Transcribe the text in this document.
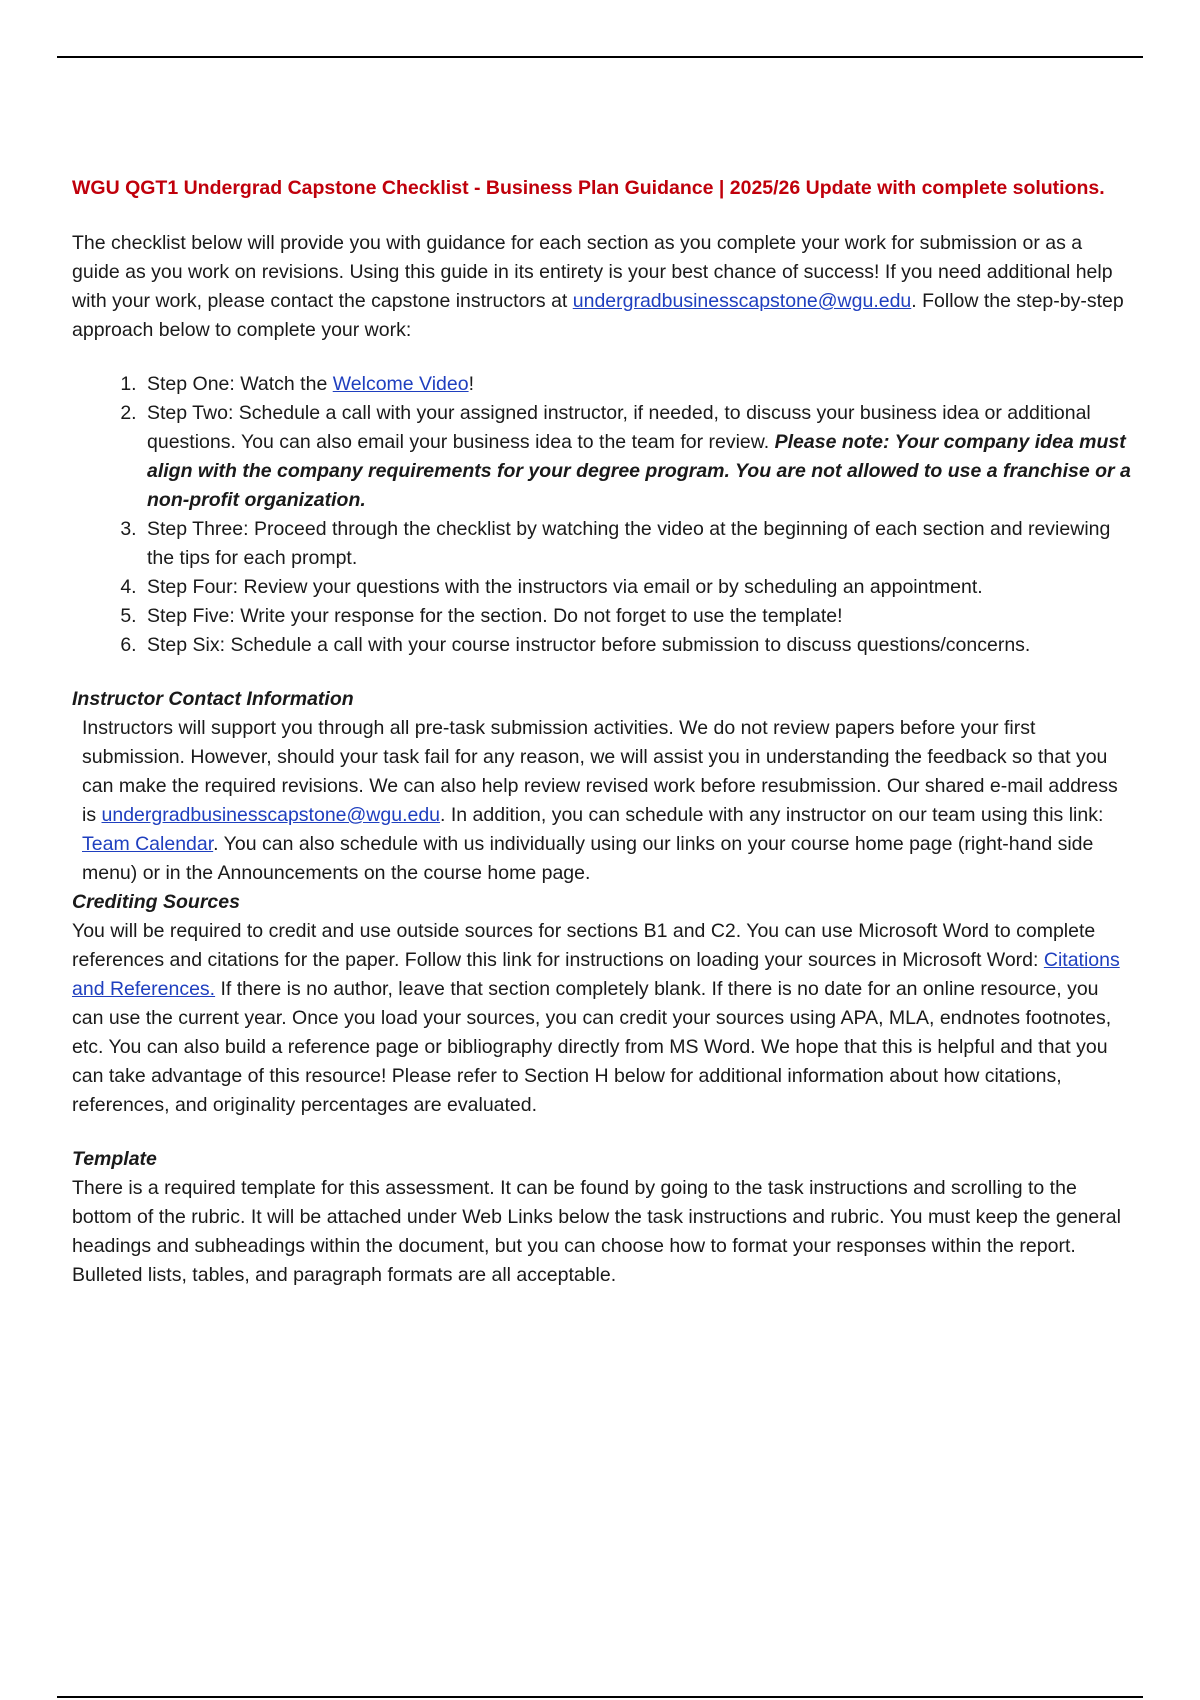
WGU QGT1 Undergrad Capstone Checklist - Business Plan Guidance | 2025/26 Update with complete solutions.

The checklist below will provide you with guidance for each section as you complete your work for submission or as a guide as you work on revisions. Using this guide in its entirety is your best chance of success! If you need additional help with your work, please contact the capstone instructors at undergradbusinesscapstone@wgu.edu. Follow the step-by-step approach below to complete your work:

1. Step One: Watch the Welcome Video!
2. Step Two: Schedule a call with your assigned instructor, if needed, to discuss your business idea or additional questions. You can also email your business idea to the team for review. Please note: Your company idea must align with the company requirements for your degree program. You are not allowed to use a franchise or a non-profit organization.
3. Step Three: Proceed through the checklist by watching the video at the beginning of each section and reviewing the tips for each prompt.
4. Step Four: Review your questions with the instructors via email or by scheduling an appointment.
5. Step Five: Write your response for the section. Do not forget to use the template!
6. Step Six: Schedule a call with your course instructor before submission to discuss questions/concerns.
Instructor Contact Information

Instructors will support you through all pre-task submission activities. We do not review papers before your first submission. However, should your task fail for any reason, we will assist you in understanding the feedback so that you can make the required revisions. We can also help review revised work before resubmission. Our shared e-mail address is undergradbusinesscapstone@wgu.edu. In addition, you can schedule with any instructor on our team using this link: Team Calendar. You can also schedule with us individually using our links on your course home page (right-hand side menu) or in the Announcements on the course home page.

Crediting Sources

You will be required to credit and use outside sources for sections B1 and C2. You can use Microsoft Word to complete references and citations for the paper. Follow this link for instructions on loading your sources in Microsoft Word: Citations and References. If there is no author, leave that section completely blank. If there is no date for an online resource, you can use the current year. Once you load your sources, you can credit your sources using APA, MLA, endnotes footnotes, etc. You can also build a reference page or bibliography directly from MS Word. We hope that this is helpful and that you can take advantage of this resource! Please refer to Section H below for additional information about how citations, references, and originality percentages are evaluated.

Template

There is a required template for this assessment. It can be found by going to the task instructions and scrolling to the bottom of the rubric. It will be attached under Web Links below the task instructions and rubric. You must keep the general headings and subheadings within the document, but you can choose how to format your responses within the report. Bulleted lists, tables, and paragraph formats are all acceptable.
